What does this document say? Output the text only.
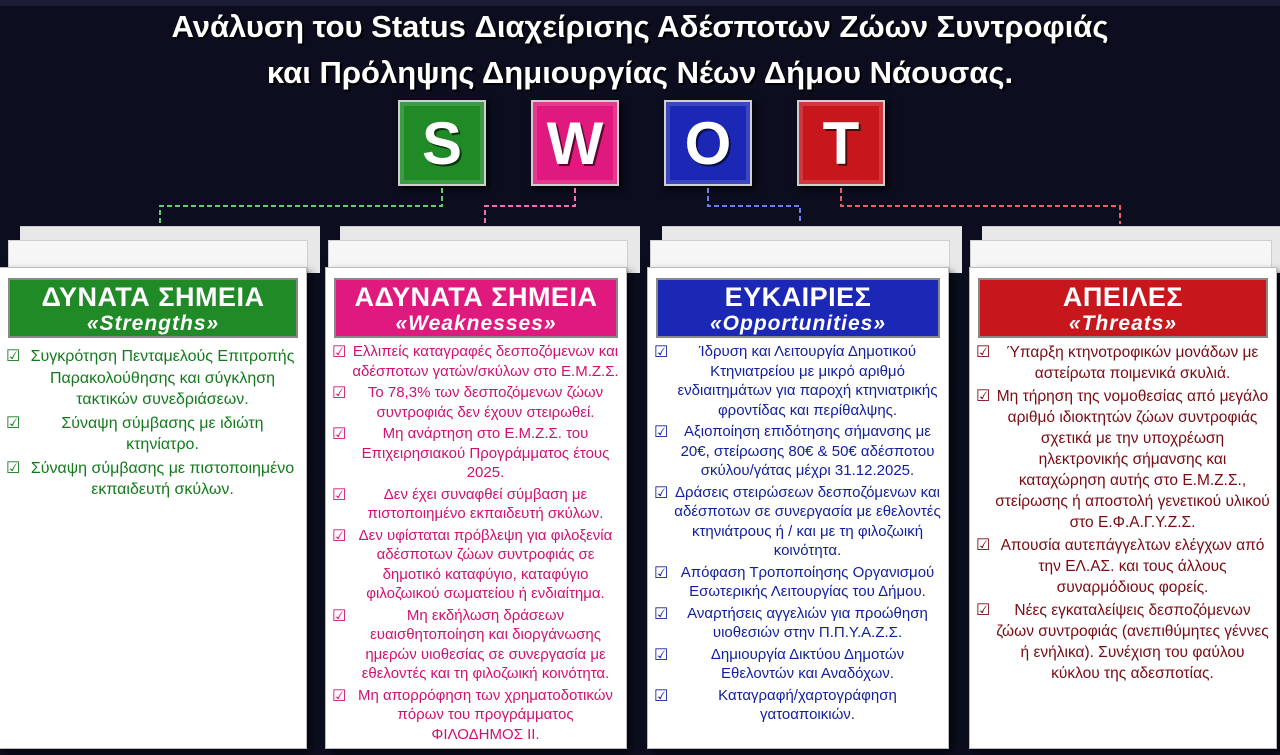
Ανάλυση του Status Διαχείρισης Αδέσποτων Ζώων Συντροφιάς
και Πρόληψης Δημιουργίας Νέων Δήμου Νάουσας.
S	W	O	T
ΔΥΝΑΤΑ ΣΗΜΕΙΑ
«Strengths»
☑ Συγκρότηση Πενταμελούς Επιτροπής Παρακολούθησης και σύγκληση τακτικών συνεδριάσεων.
☑	Σύναψη σύμβασης με ιδιώτη κτηνίατρο.
☑ Σύναψη σύμβασης με πιστοποιημένο εκπαιδευτή σκύλων.
ΑΔΥΝΑΤΑ ΣΗΜΕΙΑ
«Weaknesses»
☑ Ελλιπείς καταγραφές δεσποζόμενων και αδέσποτων γατών/σκύλων στο Ε.Μ.Ζ.Σ.
☑	Το 78,3% των δεσποζόμενων ζώων συντροφιάς δεν έχουν στειρωθεί.
☑	Μη ανάρτηση στο Ε.Μ.Ζ.Σ. του Επιχειρησιακού Προγράμματος έτους 2025.
☑	Δεν έχει συναφθεί σύμβαση με πιστοποιημένο εκπαιδευτή σκύλων.
☑ Δεν υφίσταται πρόβλεψη για φιλοξενία αδέσποτων ζώων συντροφιάς σε δημοτικό καταφύγιο, καταφύγιο φιλοζωικού σωματείου ή ενδιαίτημα.
☑	Μη εκδήλωση δράσεων ευαισθητοποίηση και διοργάνωσης ημερών υιοθεσίας σε συνεργασία με εθελοντές και τη φιλοζωική κοινότητα.
☑ Μη απορρόφηση των χρηματοδοτικών πόρων του προγράμματος ΦΙΛΟΔΗΜΟΣ ΙΙ.
ΕΥΚΑΙΡΙΕΣ
«Opportunities»
☑	Ίδρυση και Λειτουργία Δημοτικού Κτηνιατρείου με μικρό αριθμό ενδιαιτημάτων για παροχή κτηνιατρικής φροντίδας και περίθαλψης.
☑	Αξιοποίηση επιδότησης σήμανσης με 20€, στείρωσης 80€ & 50€ αδέσποτου σκύλου/γάτας μέχρι 31.12.2025.
☑ Δράσεις στειρώσεων δεσποζόμενων και αδέσποτων σε συνεργασία με εθελοντές κτηνιάτρους ή / και με τη φιλοζωική κοινότητα.
☑ Απόφαση Τροποποίησης Οργανισμού Εσωτερικής Λειτουργίας του Δήμου.
☑	Αναρτήσεις αγγελιών για προώθηση υιοθεσιών στην Π.Π.Υ.Α.Ζ.Σ.
☑	Δημιουργία Δικτύου Δημοτών Εθελοντών και Αναδόχων.
☑	Καταγραφή/χαρτογράφηση γατοαποικιών.
ΑΠΕΙΛΕΣ
«Threats»
☑	Ύπαρξη κτηνοτροφικών μονάδων με αστείρωτα ποιμενικά σκυλιά.
☑ Μη τήρηση της νομοθεσίας από μεγάλο αριθμό ιδιοκτητών ζώων συντροφιάς σχετικά με την υποχρέωση ηλεκτρονικής σήμανσης και καταχώρηση αυτής στο Ε.Μ.Ζ.Σ., στείρωσης ή αποστολή γενετικού υλικού στο Ε.Φ.Α.Γ.Υ.Ζ.Σ.
☑ Απουσία αυτεπάγγελτων ελέγχων από την ΕΛ.ΑΣ. και τους άλλους συναρμόδιους φορείς.
☑	Νέες εγκαταλείψεις δεσποζόμενων ζώων συντροφιάς (ανεπιθύμητες γέννες ή ενήλικα). Συνέχιση του φαύλου κύκλου της αδεσποτίας.
